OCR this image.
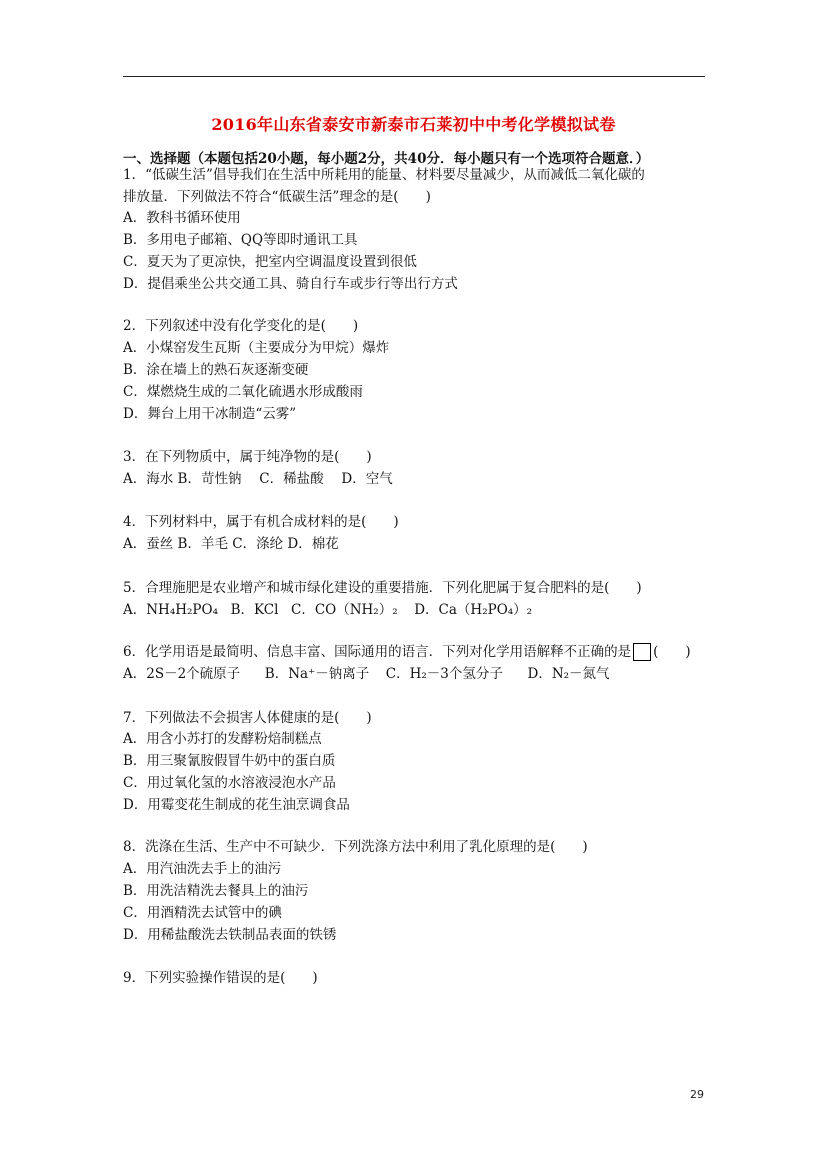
2016年山东省泰安市新泰市石莱初中中考化学模拟试卷
一、选择题（本题包括20小题，每小题2分，共40分．每小题只有一个选项符合题意．）
1．“低碳生活”倡导我们在生活中所耗用的能量、材料要尽量减少，从而减低二氧化碳的
排放量．下列做法不符合“低碳生活”理念的是(　　)
A．教科书循环使用
B．多用电子邮箱、QQ等即时通讯工具
C．夏天为了更凉快，把室内空调温度设置到很低
D．提倡乘坐公共交通工具、骑自行车或步行等出行方式
2．下列叙述中没有化学变化的是(　　)
A．小煤窑发生瓦斯（主要成分为甲烷）爆炸
B．涂在墙上的熟石灰逐渐变硬
C．煤燃烧生成的二氧化硫遇水形成酸雨
D．舞台上用干冰制造“云雾”
3．在下列物质中，属于纯净物的是(　　)
A．海水 B．苛性钠　 C．稀盐酸　 D．空气
4．下列材料中，属于有机合成材料的是(　　)
A．蚕丝 B．羊毛 C．涤纶 D．棉花
5．合理施肥是农业增产和城市绿化建设的重要措施．下列化肥属于复合肥料的是(　　)
A．NH₄H₂PO₄ B．KCl C．CO（NH₂）₂ D．Ca（H₂PO₄）₂
6．化学用语是最简明、信息丰富、国际通用的语言．下列对化学用语解释不正确的是 (　　)
A．2S－2个硫原子 B．Na⁺－钠离子 C．H₂－3个氢分子 D．N₂－氮气
7．下列做法不会损害人体健康的是(　　)
A．用含小苏打的发酵粉焙制糕点
B．用三聚氰胺假冒牛奶中的蛋白质
C．用过氧化氢的水溶液浸泡水产品
D．用霉变花生制成的花生油烹调食品
8．洗涤在生活、生产中不可缺少．下列洗涤方法中利用了乳化原理的是(　　)
A．用汽油洗去手上的油污
B．用洗洁精洗去餐具上的油污
C．用酒精洗去试管中的碘
D．用稀盐酸洗去铁制品表面的铁锈
9．下列实验操作错误的是(　　)
29
